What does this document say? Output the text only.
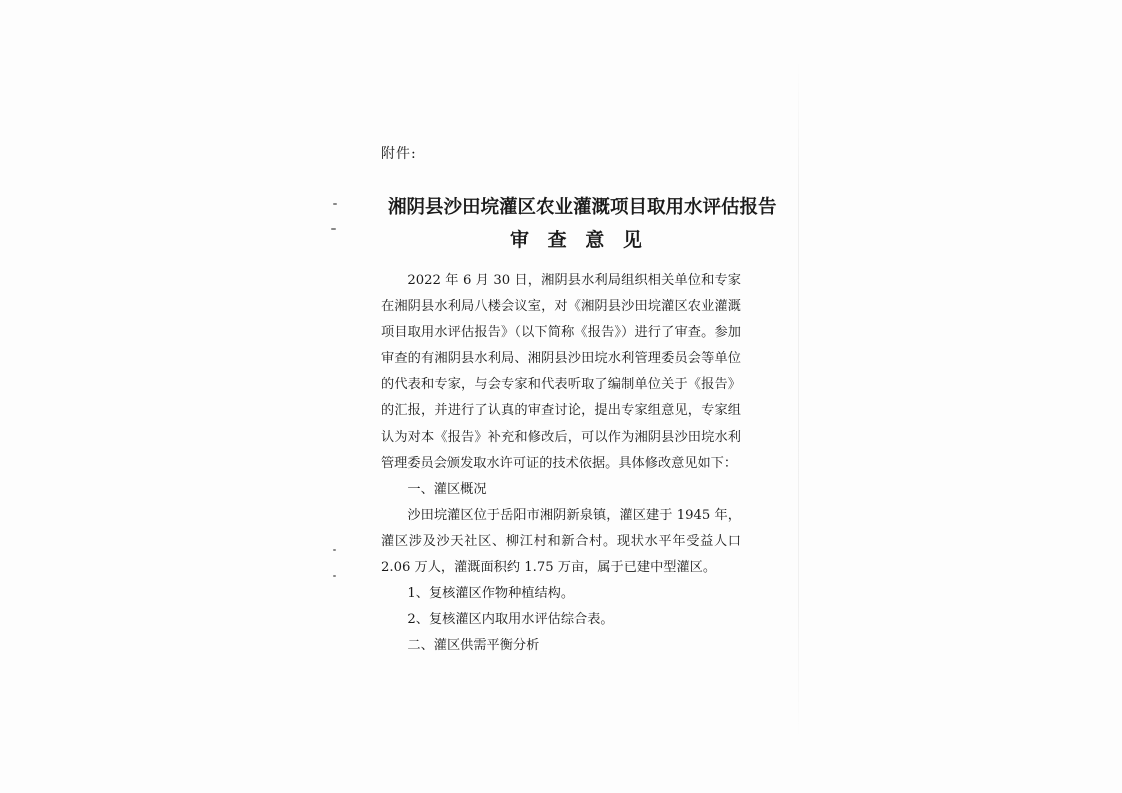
附件:
湘阴县沙田垸灌区农业灌溉项目取用水评估报告
审 查 意 见

2022 年 6 月 30 日，湘阴县水利局组织相关单位和专家在湘阴县水利局八楼会议室，对《湘阴县沙田垸灌区农业灌溉项目取用水评估报告》（以下简称《报告》）进行了审查。参加审查的有湘阴县水利局、湘阴县沙田垸水利管理委员会等单位的代表和专家，与会专家和代表听取了编制单位关于《报告》的汇报，并进行了认真的审查讨论，提出专家组意见，专家组认为对本《报告》补充和修改后，可以作为湘阴县沙田垸水利管理委员会颁发取水许可证的技术依据。具体修改意见如下：

一、灌区概况

沙田垸灌区位于岳阳市湘阴新泉镇，灌区建于 1945 年，灌区涉及沙天社区、柳江村和新合村。现状水平年受益人口 2.06 万人，灌溉面积约 1.75 万亩，属于已建中型灌区。

1、复核灌区作物种植结构。

2、复核灌区内取用水评估综合表。

二、灌区供需平衡分析
